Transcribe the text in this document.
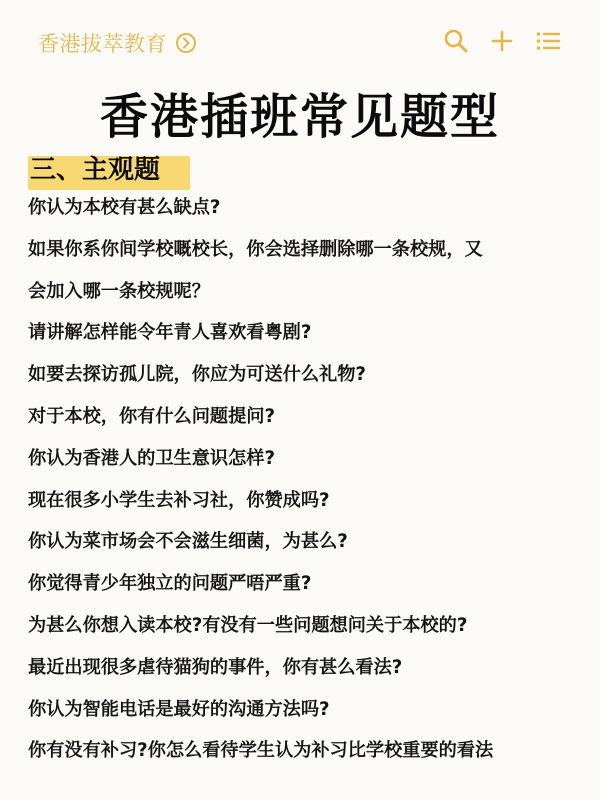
香港拔萃教育
香港插班常见题型
三、主观题
你认为本校有甚么缺点?
如果你系你间学校嘅校长，你会选择删除哪一条校规，又
会加入哪一条校规呢？
请讲解怎样能令年青人喜欢看粤剧?
如要去探访孤儿院，你应为可送什么礼物?
对于本校，你有什么问题提问?
你认为香港人的卫生意识怎样?
现在很多小学生去补习社，你赞成吗?
你认为菜市场会不会滋生细菌，为甚么?
你觉得青少年独立的问题严唔严重?
为甚么你想入读本校?有没有一些问题想问关于本校的?
最近出现很多虐待猫狗的事件，你有甚么看法?
你认为智能电话是最好的沟通方法吗?
你有没有补习?你怎么看待学生认为补习比学校重要的看法
